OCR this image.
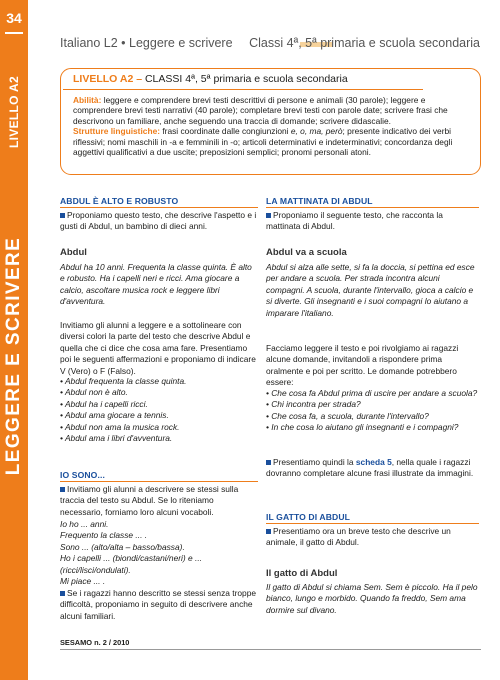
34
LIVELLO A2
LEGGERE E SCRIVERE
Italiano L2 • Leggere e scrivere Classi 4ª, 5ª primaria e scuola secondaria
LIVELLO A2 – CLASSI 4ª, 5ª primaria e scuola secondaria
Abilità: leggere e comprendere brevi testi descrittivi di persone e animali (30 parole); leggere e comprendere brevi testi narrativi (40 parole); completare brevi testi con parole date; scrivere frasi che descrivono un familiare, anche seguendo una traccia di domande; scrivere didascalie.
Strutture linguistiche: frasi coordinate dalle congiunzioni e, o, ma, però; presente indicativo dei verbi riflessivi; nomi maschili in -a e femminili in -o; articoli determinativi e indeterminativi; concordanza degli aggettivi qualificativi a due uscite; preposizioni semplici; pronomi personali atoni.
ABDUL È ALTO E ROBUSTO
Proponiamo questo testo, che descrive l'aspetto e i gusti di Abdul, un bambino di dieci anni.
Abdul
Abdul ha 10 anni. Frequenta la classe quinta. È alto e robusto. Ha i capelli neri e ricci. Ama giocare a calcio, ascoltare musica rock e leggere libri d'avventura.
Invitiamo gli alunni a leggere e a sottolineare con diversi colori la parte del testo che descrive Abdul e quella che ci dice che cosa ama fare. Presentiamo poi le seguenti affermazioni e proponiamo di indicare V (Vero) o F (Falso).
• Abdul frequenta la classe quinta.
• Abdul non è alto.
• Abdul ha i capelli ricci.
• Abdul ama giocare a tennis.
• Abdul non ama la musica rock.
• Abdul ama i libri d'avventura.
IO SONO...
Invitiamo gli alunni a descrivere se stessi sulla traccia del testo su Abdul. Se lo riteniamo necessario, forniamo loro alcuni vocaboli.
Io ho ... anni.
Frequento la classe ... .
Sono ... (alto/alta – basso/bassa).
Ho i capelli ... (biondi/castani/neri) e ... (ricci/lisci/ondulati).
Mi piace ... .
Se i ragazzi hanno descritto se stessi senza troppe difficoltà, proponiamo in seguito di descrivere anche alcuni familiari.
LA MATTINATA DI ABDUL
Proponiamo il seguente testo, che racconta la mattinata di Abdul.
Abdul va a scuola
Abdul si alza alle sette, si fa la doccia, si pettina ed esce per andare a scuola. Per strada incontra alcuni compagni. A scuola, durante l'intervallo, gioca a calcio e si diverte. Gli insegnanti e i suoi compagni lo aiutano a imparare l'italiano.
Facciamo leggere il testo e poi rivolgiamo ai ragazzi alcune domande, invitandoli a rispondere prima oralmente e poi per scritto. Le domande potrebbero essere:
• Che cosa fa Abdul prima di uscire per andare a scuola?
• Chi incontra per strada?
• Che cosa fa, a scuola, durante l'intervallo?
• In che cosa lo aiutano gli insegnanti e i compagni?
Presentiamo quindi la scheda 5, nella quale i ragazzi dovranno completare alcune frasi illustrate da immagini.
IL GATTO DI ABDUL
Presentiamo ora un breve testo che descrive un animale, il gatto di Abdul.
Il gatto di Abdul
Il gatto di Abdul si chiama Sem. Sem è piccolo. Ha il pelo bianco, lungo e morbido. Quando fa freddo, Sem ama dormire sul divano.
SESAMO n. 2 / 2010
